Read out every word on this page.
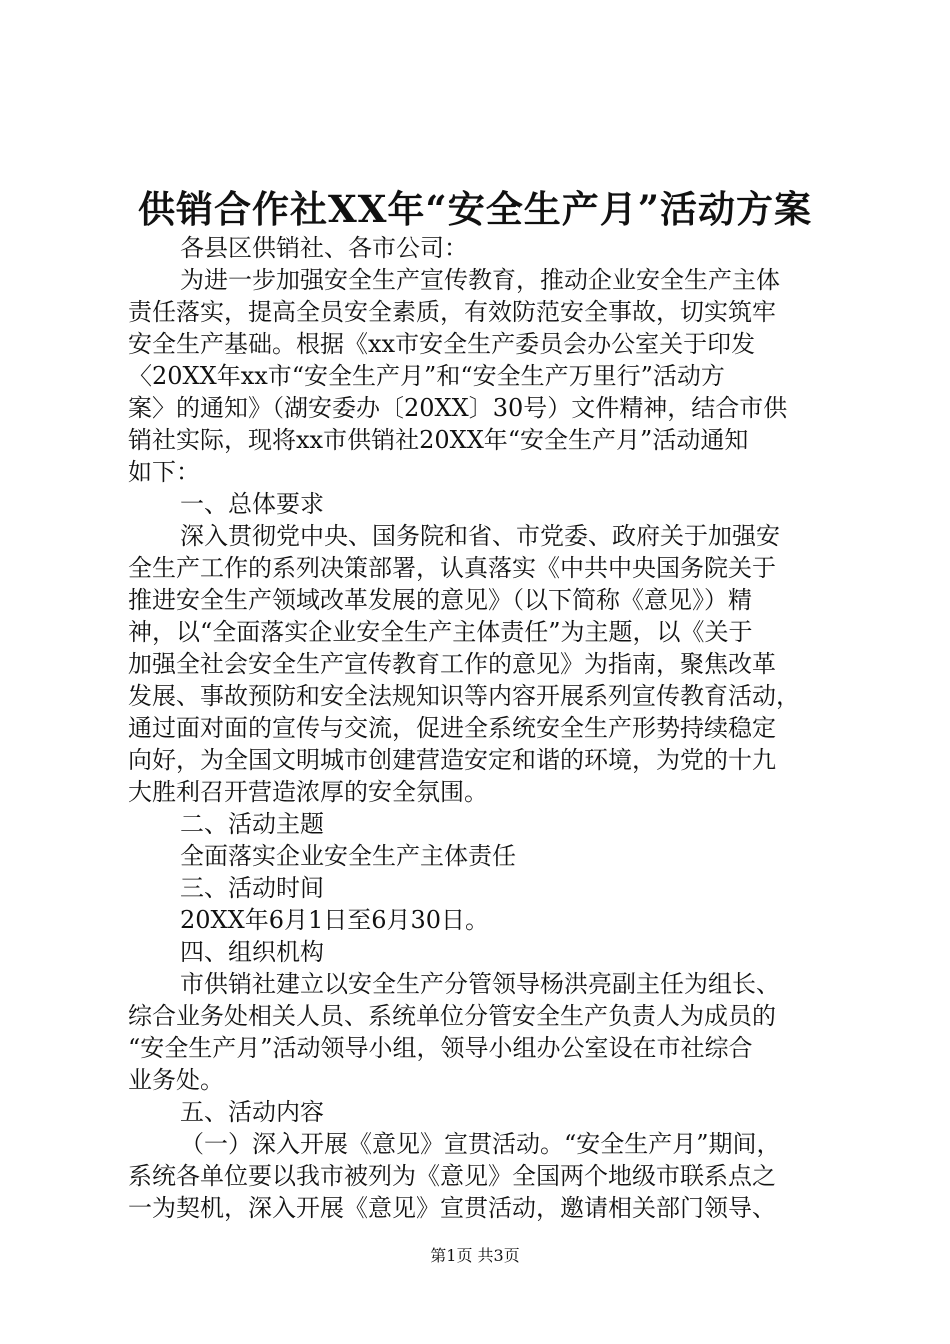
供销合作社XX年“安全生产月”活动方案
各县区供销社、各市公司：
为进一步加强安全生产宣传教育，推动企业安全生产主体
责任落实，提高全员安全素质，有效防范安全事故，切实筑牢
安全生产基础。根据《xx市安全生产委员会办公室关于印发
〈20XX年xx市“安全生产月”和“安全生产万里行”活动方
案〉的通知》（湖安委办〔20XX〕30号）文件精神，结合市供
销社实际，现将xx市供销社20XX年“安全生产月”活动通知
如下：
一、总体要求
深入贯彻党中央、国务院和省、市党委、政府关于加强安
全生产工作的系列决策部署，认真落实《中共中央国务院关于
推进安全生产领域改革发展的意见》（以下简称《意见》）精
神，以“全面落实企业安全生产主体责任”为主题，以《关于
加强全社会安全生产宣传教育工作的意见》为指南，聚焦改革
发展、事故预防和安全法规知识等内容开展系列宣传教育活动，
通过面对面的宣传与交流，促进全系统安全生产形势持续稳定
向好，为全国文明城市创建营造安定和谐的环境，为党的十九
大胜利召开营造浓厚的安全氛围。
二、活动主题
全面落实企业安全生产主体责任
三、活动时间
20XX年6月1日至6月30日。
四、组织机构
市供销社建立以安全生产分管领导杨洪亮副主任为组长、
综合业务处相关人员、系统单位分管安全生产负责人为成员的
“安全生产月”活动领导小组，领导小组办公室设在市社综合
业务处。
五、活动内容
（一）深入开展《意见》宣贯活动。“安全生产月”期间，
系统各单位要以我市被列为《意见》全国两个地级市联系点之
一为契机，深入开展《意见》宣贯活动，邀请相关部门领导、
第1页 共3页
